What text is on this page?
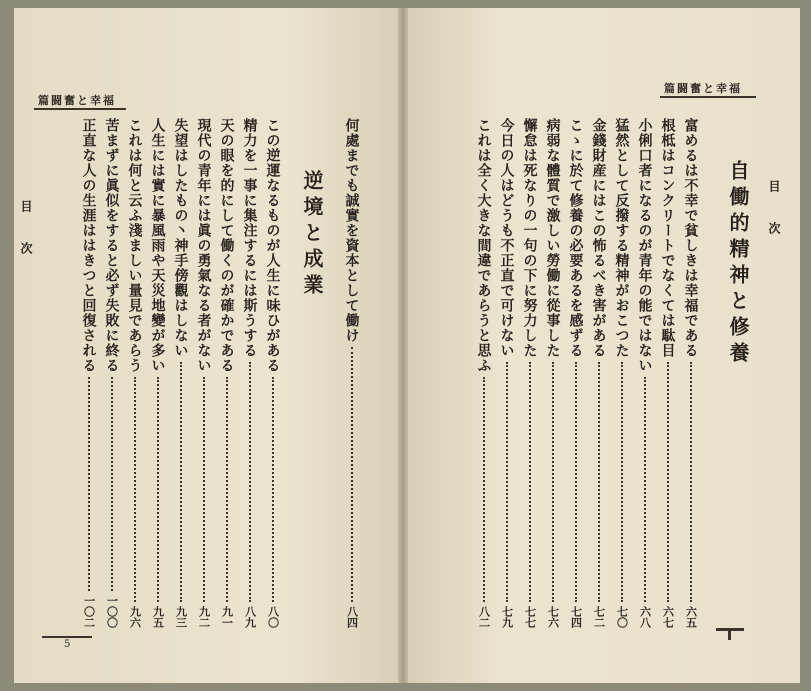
篇闘奮と幸福
目次	逆境と成業 何處までも誠實を資本として働け
八四
この逆運なるものが人生に味ひがある
八〇
精力を一事に集注するには斯うする
八九
天の眼を的にして働くのが確かである
九一
現代の青年には眞の勇氣なる者がない
九二
失望はしたもの丶神手傍觀はしない
九三
人生には實に暴風雨や天災地變が多い
九五
これは何と云ふ淺ましい量見であらう
九六
苦まずに眞似をすると必ず失敗に終る
一〇〇
正直な人の生涯ははきつと回復される
一〇二
5
篇闘奮と幸福
目次
自働的精神と修養
富めるは不幸で貧しきは幸福である
六五
根柢はコンクリートでなくては駄目
六七
小俐口者になるのが青年の能ではない
六八
猛然として反撥する精神がおこつた
七〇
金錢財産にはこの怖るべき害がある
七二
こゝに於て修養の必要あるを感ずる
七四
病弱な體質で激しい勞働に從事した
七六
懈怠は死なりの一句の下に努力した
七七
今日の人はどうも不正直で可けない
七九
これは全く大きな間違であらうと思ふ
八二
